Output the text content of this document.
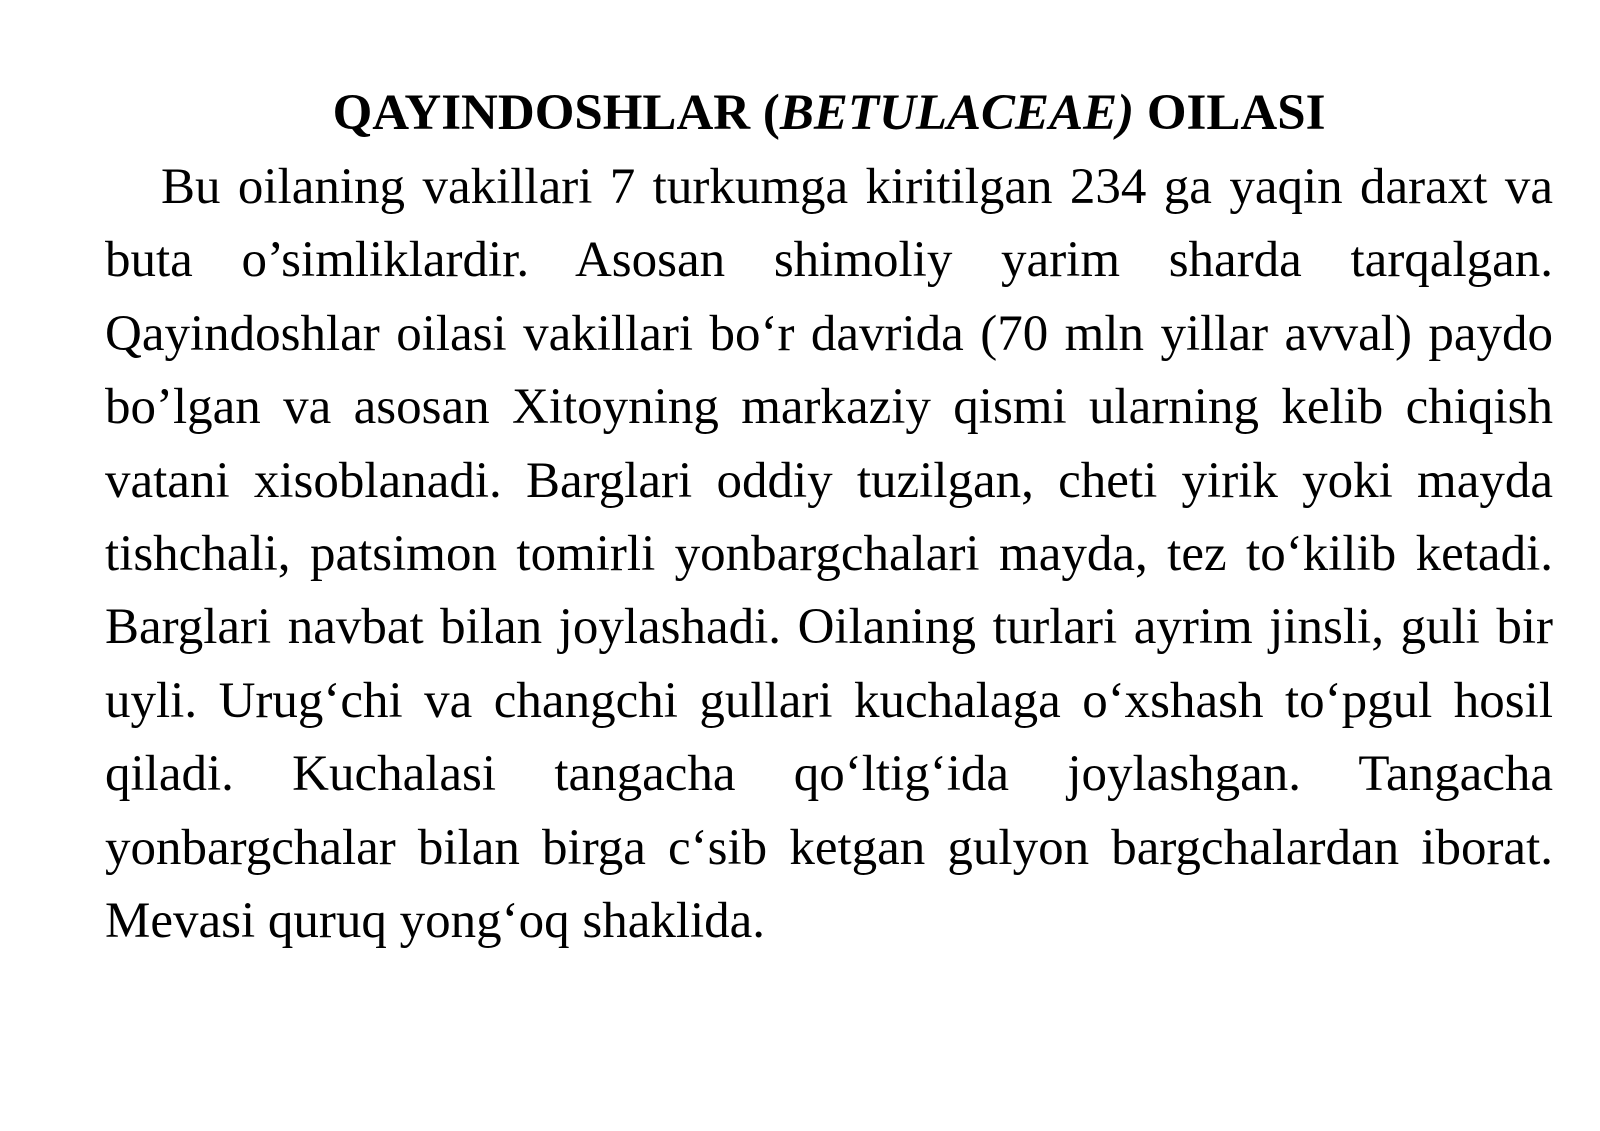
QAYINDOSHLAR (BETULACEAE) OILASI

Bu oilaning vakillari 7 turkumga kiritilgan 234 ga yaqin daraxt va buta o’simliklardir. Asosan shimoliy yarim sharda tarqalgan. Qayindoshlar oilasi vakillari bo‘r davrida (70 mln yillar avval) paydo bo’lgan va asosan Xitoyning markaziy qismi ularning kelib chiqish vatani xisoblanadi. Barglari oddiy tuzilgan, cheti yirik yoki mayda tishchali, patsimon tomirli yonbargchalari mayda, tez to‘kilib ketadi. Barglari navbat bilan joylashadi. Oilaning turlari ayrim jinsli, guli bir uyli. Urug‘chi va changchi gullari kuchalaga o‘xshash to‘pgul hosil qiladi. Kuchalasi tangacha qo‘ltig‘ida joylashgan. Tangacha yonbargchalar bilan birga c‘sib ketgan gulyon bargchalardan iborat. Mevasi quruq yong‘oq shaklida.
